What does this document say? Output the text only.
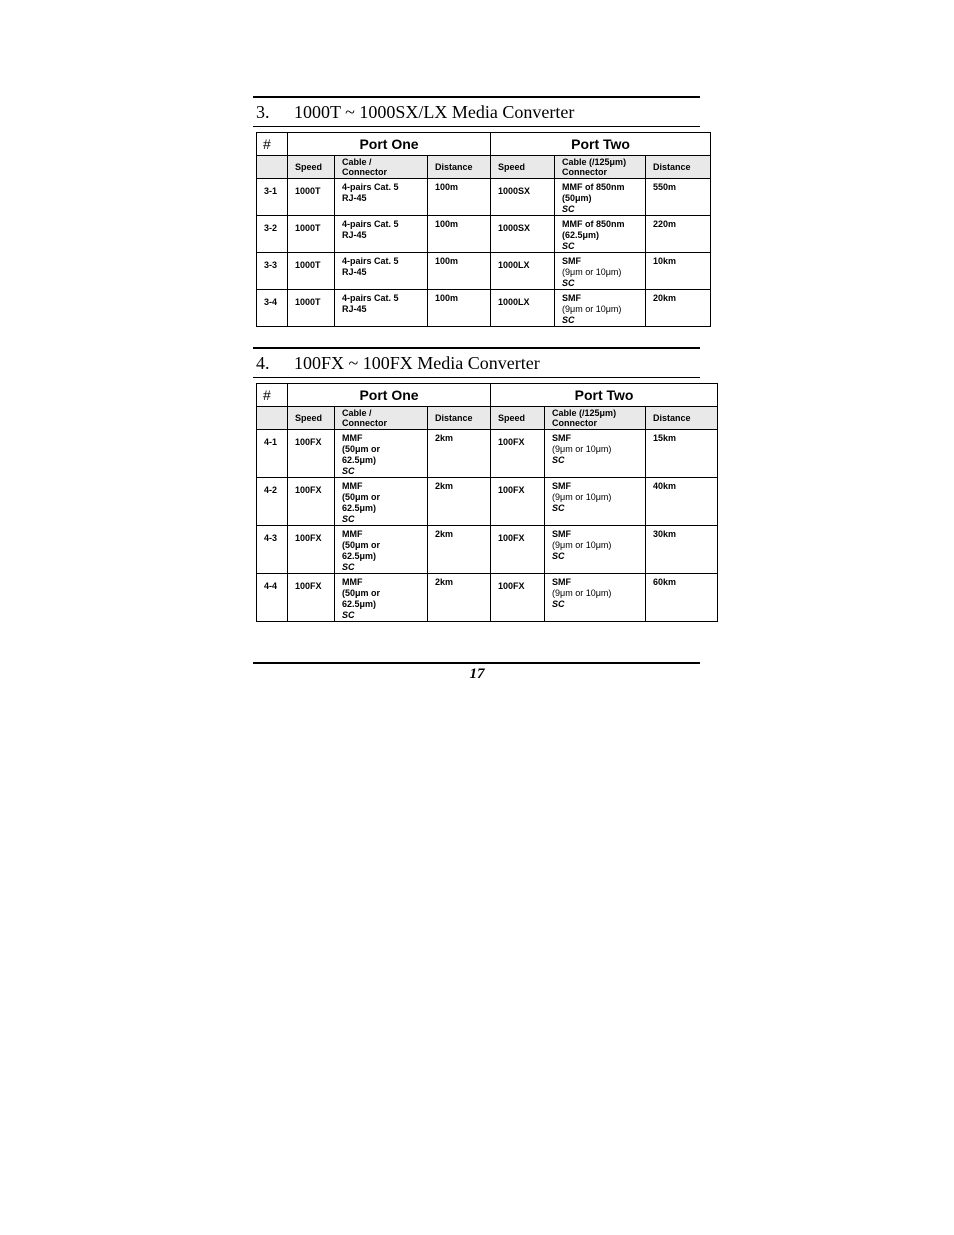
3. 1000T ~ 1000SX/LX Media Converter
#	Port One			Port Two		
	Speed	Cable /
Connector	Distance	Speed	Cable (/125μm)
Connector	Distance

3-1	1000T	4-pairs Cat. 5
RJ-45	100m	1000SX	MMF of 850nm
(50μm)
SC	550m

3-2	1000T	4-pairs Cat. 5
RJ-45	100m	1000SX	MMF of 850nm
(62.5μm)
SC	220m

3-3	1000T	4-pairs Cat. 5
RJ-45	100m	1000LX	SMF
(9μm or 10μm)
SC	10km

3-4	1000T	4-pairs Cat. 5
RJ-45	100m	1000LX	SMF
(9μm or 10μm)
SC	20km
4. 100FX ~ 100FX Media Converter
#	Port One			Port Two		
	Speed	Cable /
Connector	Distance	Speed	Cable (/125μm)
Connector	Distance

4-1	100FX	MMF
(50μm or
62.5μm)
SC	2km	100FX	SMF
(9μm or 10μm)
SC	15km

4-2	100FX	MMF
(50μm or
62.5μm)
SC	2km	100FX	SMF
(9μm or 10μm)
SC	40km

4-3	100FX	MMF
(50μm or
62.5μm)
SC	2km	100FX	SMF
(9μm or 10μm)
SC	30km

4-4	100FX	MMF
(50μm or
62.5μm)
SC	2km	100FX	SMF
(9μm or 10μm)
SC	60km
17
